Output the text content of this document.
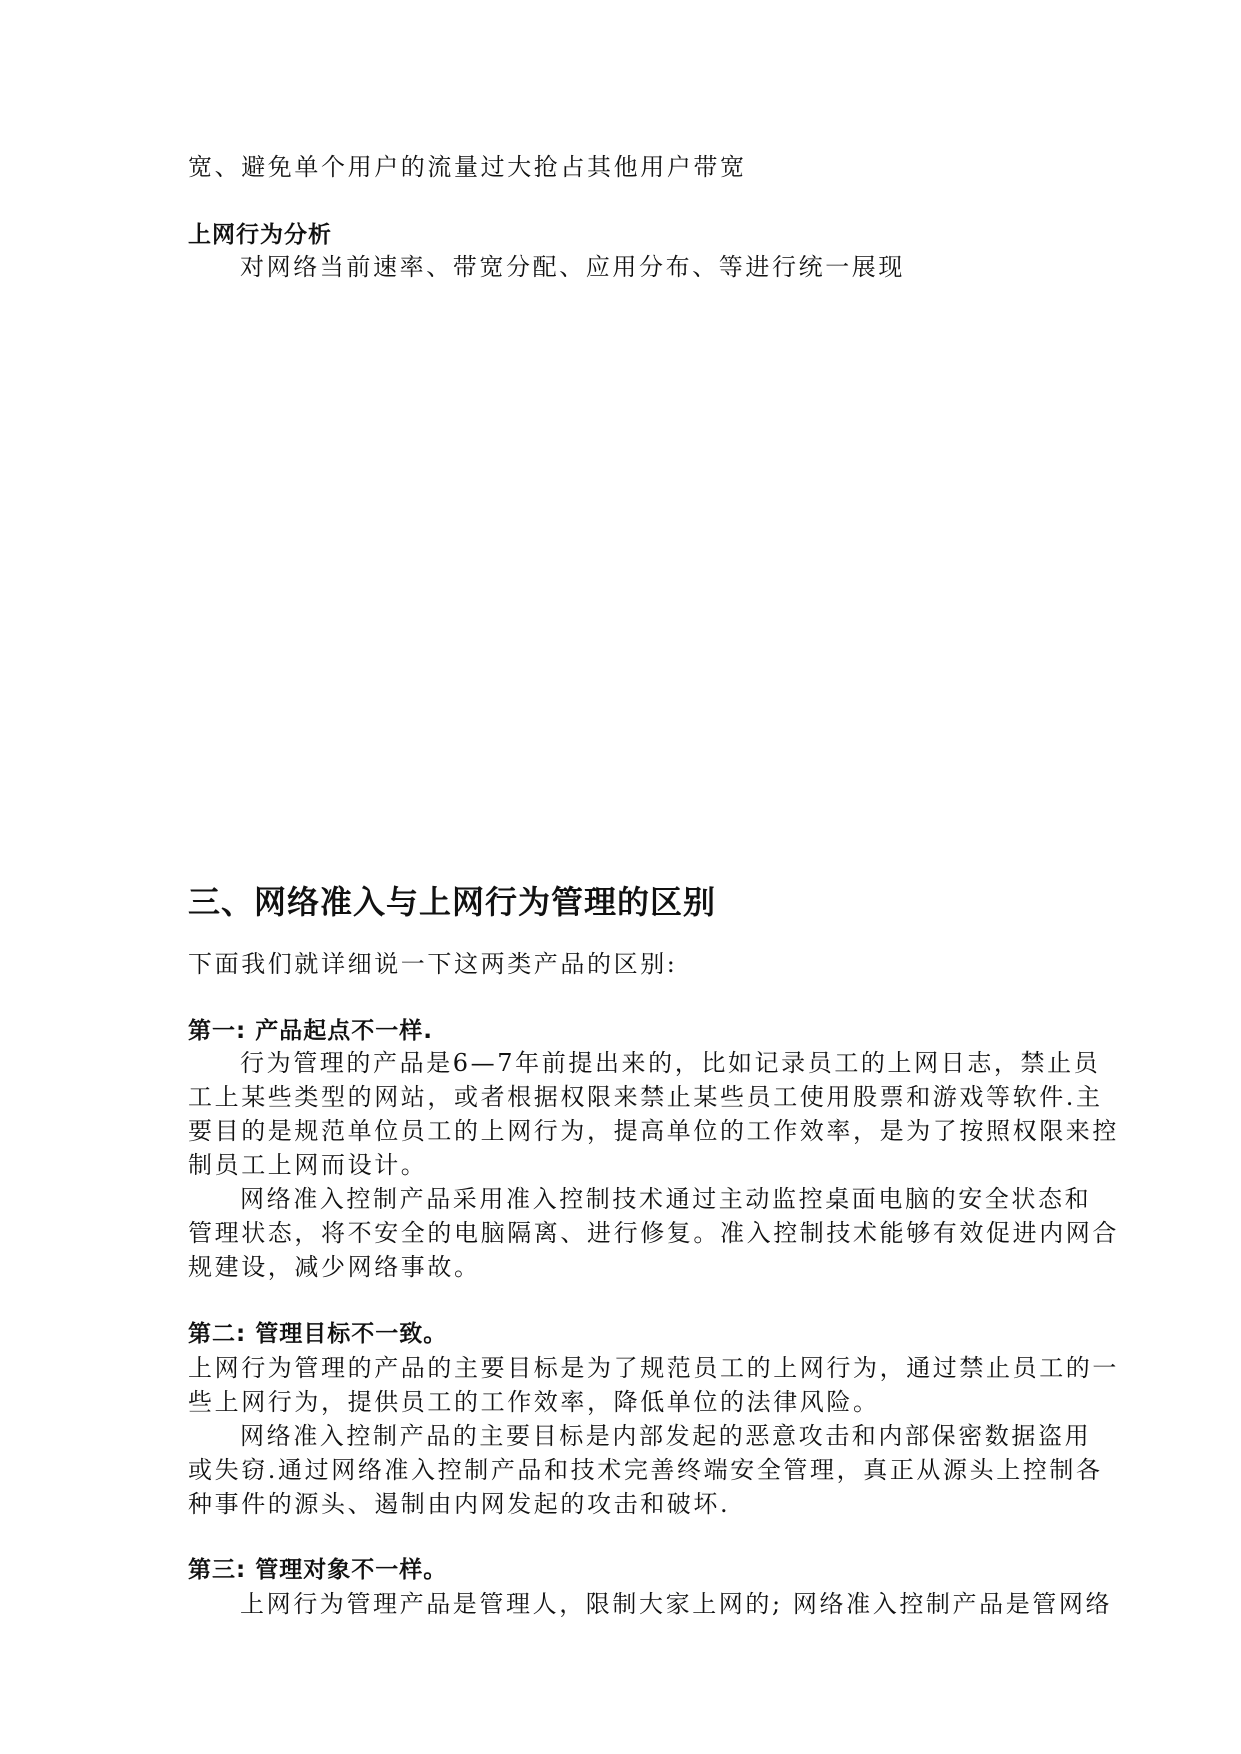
宽、避免单个用户的流量过大抢占其他用户带宽
上网行为分析
对网络当前速率、带宽分配、应用分布、等进行统一展现
三、网络准入与上网行为管理的区别
下面我们就详细说一下这两类产品的区别:
第一: 产品起点不一样.
行为管理的产品是6—7年前提出来的，比如记录员工的上网日志，禁止员
工上某些类型的网站，或者根据权限来禁止某些员工使用股票和游戏等软件.主
要目的是规范单位员工的上网行为，提高单位的工作效率，是为了按照权限来控
制员工上网而设计。
网络准入控制产品采用准入控制技术通过主动监控桌面电脑的安全状态和
管理状态，将不安全的电脑隔离、进行修复。准入控制技术能够有效促进内网合
规建设，减少网络事故。
第二: 管理目标不一致。
上网行为管理的产品的主要目标是为了规范员工的上网行为，通过禁止员工的一
些上网行为，提供员工的工作效率，降低单位的法律风险。
网络准入控制产品的主要目标是内部发起的恶意攻击和内部保密数据盗用
或失窃.通过网络准入控制产品和技术完善终端安全管理，真正从源头上控制各
种事件的源头、遏制由内网发起的攻击和破坏.
第三: 管理对象不一样。
上网行为管理产品是管理人，限制大家上网的; 网络准入控制产品是管网络
